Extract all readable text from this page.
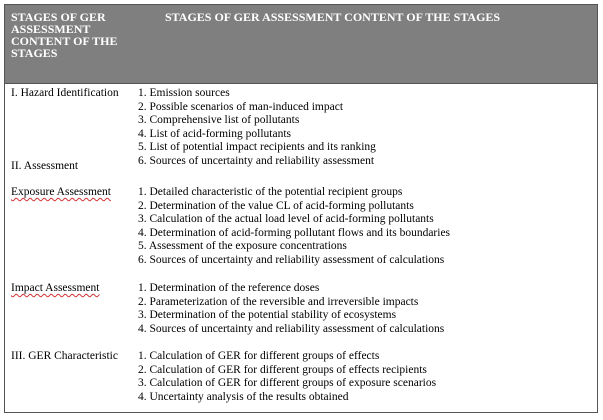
STAGES OF GER ASSESSMENT CONTENT OF THE STAGES
STAGES OF GER ASSESSMENT CONTENT OF THE STAGES
I. Hazard Identification 1. Emission sources
2. Possible scenarios of man-induced impact
3. Comprehensive list of pollutants
4. List of acid-forming pollutants
5. List of potential impact recipients and its ranking
6. Sources of uncertainty and reliability assessment
II. Assessment
Exposure Assessment 1. Detailed characteristic of the potential recipient groups
2. Determination of the value CL of acid-forming pollutants
3. Calculation of the actual load level of acid-forming pollutants
4. Determination of acid-forming pollutant flows and its boundaries
5. Assessment of the exposure concentrations
6. Sources of uncertainty and reliability assessment of calculations
Impact Assessment	1. Determination of the reference doses
2. Parameterization of the reversible and irreversible impacts
3. Determination of the potential stability of ecosystems
4. Sources of uncertainty and reliability assessment of calculations
III. GER Characteristic 1. Calculation of GER for different groups of effects
2. Calculation of GER for different groups of effects recipients
3. Calculation of GER for different groups of exposure scenarios
4. Uncertainty analysis of the results obtained
